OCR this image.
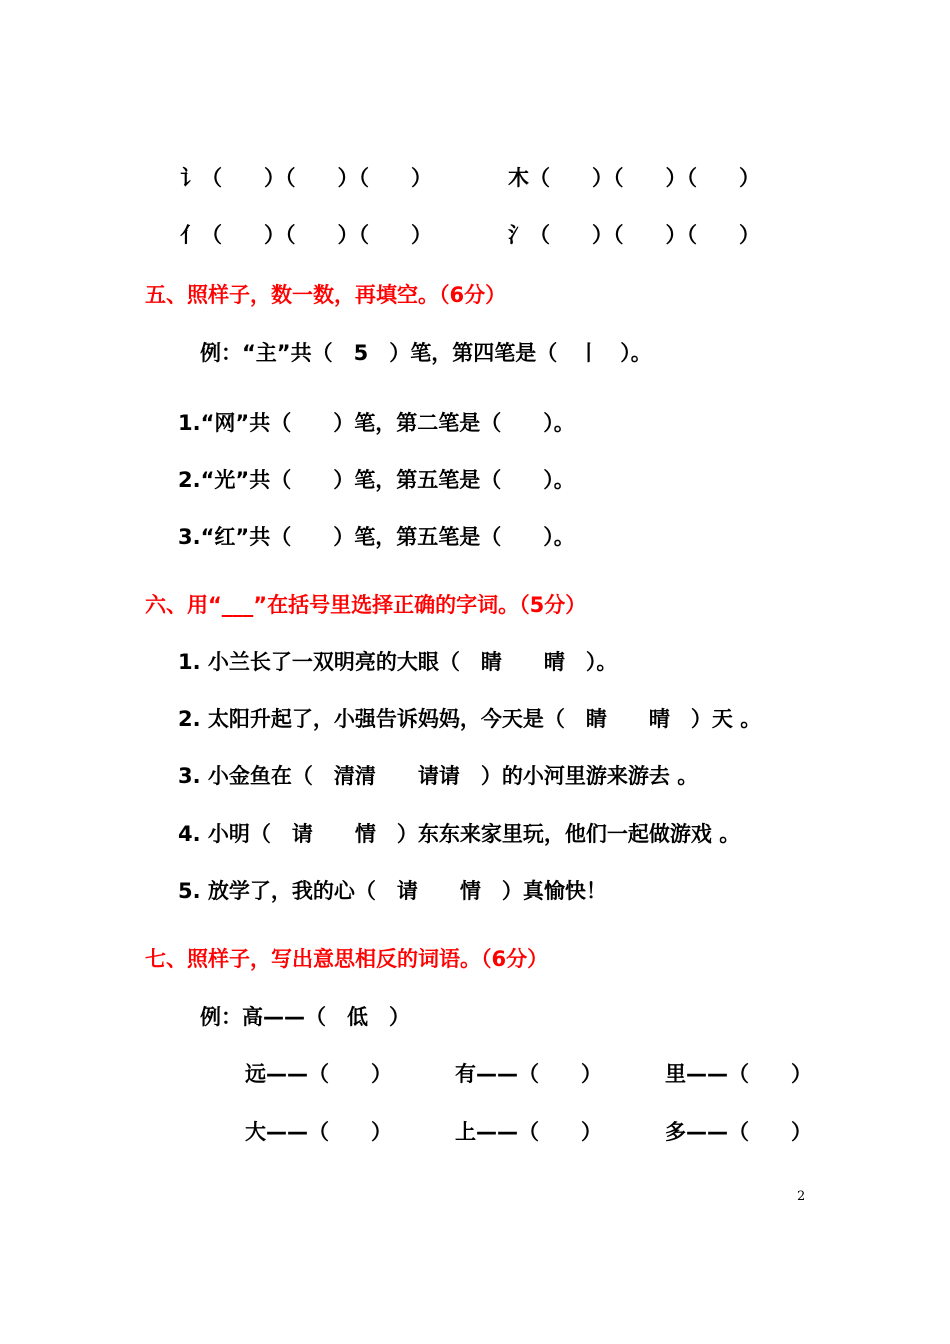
讠（　　）（　　）（　　）	木（　　）（　　）（　　）
亻（　　）（　　）（　　）	氵（　　）（　　）（　　）
五、照样子，数一数，再填空。（6分）
例：“主”共（　5　）笔，第四笔是（　丨　）。
1.“网”共（　　）笔，第二笔是（　　）。
2.“光”共（　　）笔，第五笔是（　　）。
3.“红”共（　　）笔，第五笔是（　　）。
六、用“___”在括号里选择正确的字词。（5分）
1. 小兰长了一双明亮的大眼（　睛　　晴　）。
2. 太阳升起了，小强告诉妈妈，今天是（　睛　　晴　）天 。
3. 小金鱼在（　清清　　请请　）的小河里游来游去 。
4. 小明（　请　　情　）东东来家里玩，他们一起做游戏 。
5. 放学了，我的心（　请　　情　）真愉快！
七、照样子，写出意思相反的词语。（6分）
例：高——（　低　）
远——（　　）	有——（　　）	里——（　　）
大——（　　）	上——（　　）	多——（　　）
2
